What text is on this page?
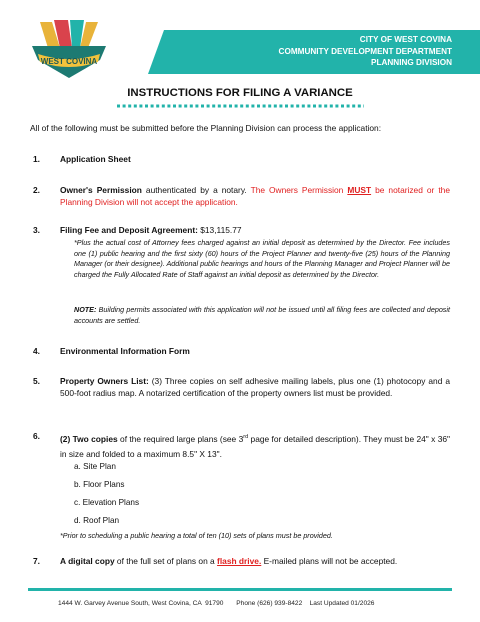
CITY OF WEST COVINA
COMMUNITY DEVELOPMENT DEPARTMENT
PLANNING DIVISION
WEST COVINA
INSTRUCTIONS FOR FILING A VARIANCE
All of the following must be submitted before the Planning Division can process the application:
1. Application Sheet
2. Owner's Permission authenticated by a notary. The Owners Permission MUST be notarized or the Planning Division will not accept the application.
3. Filing Fee and Deposit Agreement: $13,115.77
*Plus the actual cost of Attorney fees charged against an initial deposit as determined by the Director. Fee includes one (1) public hearing and the first sixty (60) hours of the Project Planner and twenty-five (25) hours of the Planning Manager (or their designee). Additional public hearings and hours of the Planning Manager and Project Planner will be charged the Fully Allocated Rate of Staff against an initial deposit as determined by the Director.
NOTE: Building permits associated with this application will not be issued until all filing fees are collected and deposit accounts are settled.
4. Environmental Information Form
5. Property Owners List: (3) Three copies on self adhesive mailing labels, plus one (1) photocopy and a 500-foot radius map. A notarized certification of the property owners list must be provided.
6. (2) Two copies of the required large plans (see 3rd page for detailed description). They must be 24" x 36" in size and folded to a maximum 8.5" X 13".
a. Site Plan
b. Floor Plans
c. Elevation Plans
d. Roof Plan
*Prior to scheduling a public hearing a total of ten (10) sets of plans must be provided.
7. A digital copy of the full set of plans on a flash drive. E-mailed plans will not be accepted.
1444 W. Garvey Avenue South, West Covina, CA  91790       Phone (626) 939-8422    Last Updated 01/2026
